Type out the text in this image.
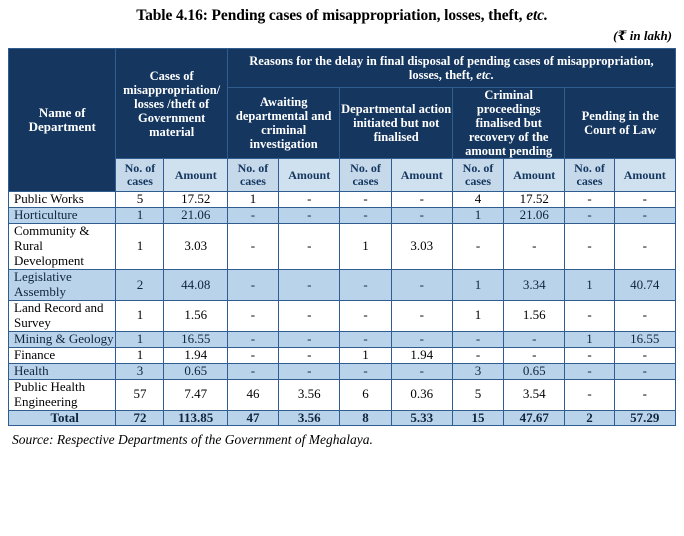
Table 4.16: Pending cases of misappropriation, losses, theft, etc.
(₹ in lakh)
Name of Department	Cases of misappropriation/ losses /theft of Government material		Reasons for the delay in final disposal of pending cases of misappropriation, losses, theft, etc.							
			Awaiting departmental and criminal investigation		Departmental action initiated but not finalised		Criminal proceedings finalised but recovery of the amount pending		Pending in the Court of Law	
	No. of cases	Amount	No. of cases	Amount	No. of cases	Amount	No. of cases	Amount	No. of cases	Amount
Public Works	5	17.52	1	-	-	-	4	17.52	-	-
Horticulture	1	21.06	-	-	-	-	1	21.06	-	-
Community & Rural Development	1	3.03	-	-	1	3.03	-	-	-	-
Legislative Assembly	2	44.08	-	-	-	-	1	3.34	1	40.74
Land Record and Survey	1	1.56	-	-	-	-	1	1.56	-	-
Mining & Geology	1	16.55	-	-	-	-	-	-	1	16.55
Finance	1	1.94	-	-	1	1.94	-	-	-	-
Health	3	0.65	-	-	-	-	3	0.65	-	-
Public Health Engineering	57	7.47	46	3.56	6	0.36	5	3.54	-	-
Total	72	113.85	47	3.56	8	5.33	15	47.67	2	57.29
Source: Respective Departments of the Government of Meghalaya.
